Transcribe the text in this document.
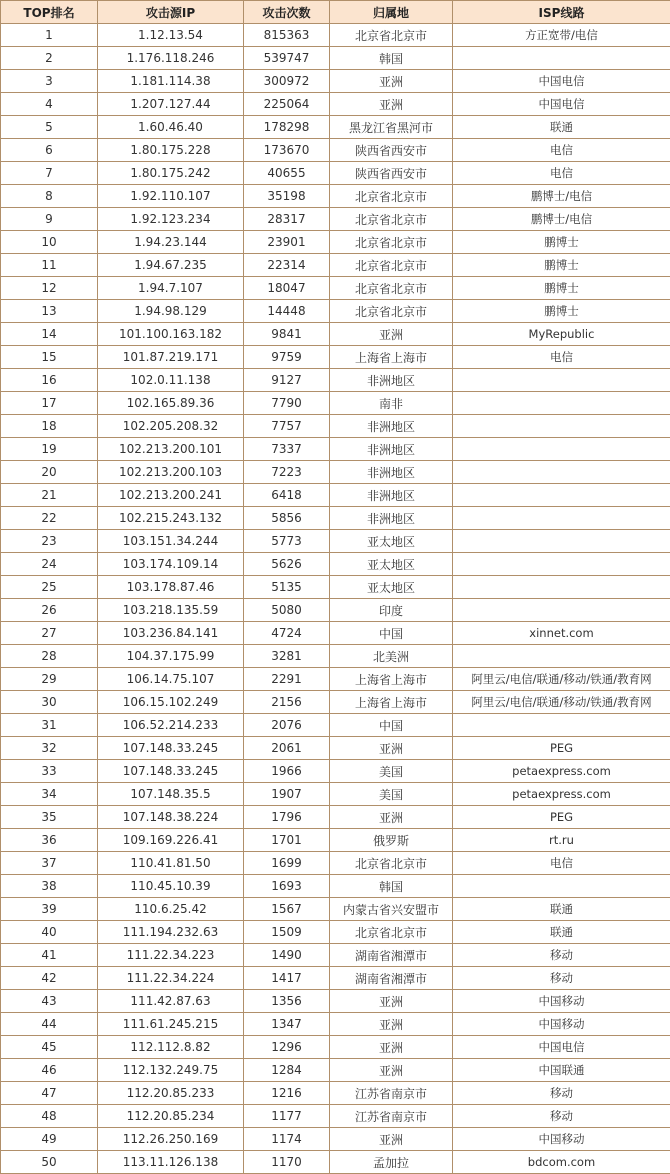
TOP排名	攻击源IP	攻击次数	归属地	ISP线路
1	1.12.13.54	815363	北京省北京市	方正宽带/电信
2	1.176.118.246	539747	韩国	
3	1.181.114.38	300972	亚洲	中国电信
4	1.207.127.44	225064	亚洲	中国电信
5	1.60.46.40	178298	黑龙江省黑河市	联通
6	1.80.175.228	173670	陕西省西安市	电信
7	1.80.175.242	40655	陕西省西安市	电信
8	1.92.110.107	35198	北京省北京市	鹏博士/电信
9	1.92.123.234	28317	北京省北京市	鹏博士/电信
10	1.94.23.144	23901	北京省北京市	鹏博士
11	1.94.67.235	22314	北京省北京市	鹏博士
12	1.94.7.107	18047	北京省北京市	鹏博士
13	1.94.98.129	14448	北京省北京市	鹏博士
14	101.100.163.182	9841	亚洲	MyRepublic
15	101.87.219.171	9759	上海省上海市	电信
16	102.0.11.138	9127	非洲地区	
17	102.165.89.36	7790	南非	
18	102.205.208.32	7757	非洲地区	
19	102.213.200.101	7337	非洲地区	
20	102.213.200.103	7223	非洲地区	
21	102.213.200.241	6418	非洲地区	
22	102.215.243.132	5856	非洲地区	
23	103.151.34.244	5773	亚太地区	
24	103.174.109.14	5626	亚太地区	
25	103.178.87.46	5135	亚太地区	
26	103.218.135.59	5080	印度	
27	103.236.84.141	4724	中国	xinnet.com
28	104.37.175.99	3281	北美洲	
29	106.14.75.107	2291	上海省上海市	阿里云/电信/联通/移动/铁通/教育网
30	106.15.102.249	2156	上海省上海市	阿里云/电信/联通/移动/铁通/教育网
31	106.52.214.233	2076	中国	
32	107.148.33.245	2061	亚洲	PEG
33	107.148.33.245	1966	美国	petaexpress.com
34	107.148.35.5	1907	美国	petaexpress.com
35	107.148.38.224	1796	亚洲	PEG
36	109.169.226.41	1701	俄罗斯	rt.ru
37	110.41.81.50	1699	北京省北京市	电信
38	110.45.10.39	1693	韩国	
39	110.6.25.42	1567	内蒙古省兴安盟市	联通
40	111.194.232.63	1509	北京省北京市	联通
41	111.22.34.223	1490	湖南省湘潭市	移动
42	111.22.34.224	1417	湖南省湘潭市	移动
43	111.42.87.63	1356	亚洲	中国移动
44	111.61.245.215	1347	亚洲	中国移动
45	112.112.8.82	1296	亚洲	中国电信
46	112.132.249.75	1284	亚洲	中国联通
47	112.20.85.233	1216	江苏省南京市	移动
48	112.20.85.234	1177	江苏省南京市	移动
49	112.26.250.169	1174	亚洲	中国移动
50	113.11.126.138	1170	孟加拉	bdcom.com
